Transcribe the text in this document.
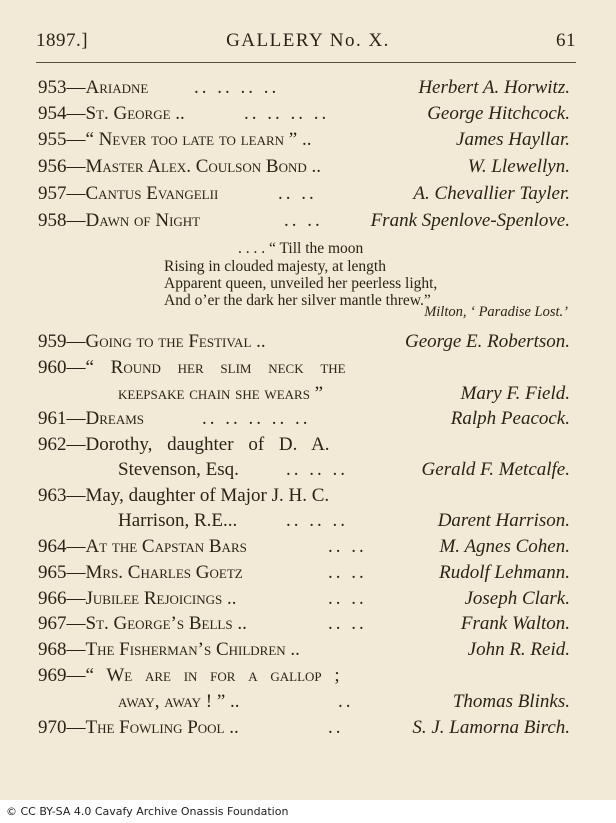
1897.]	GALLERY No. X.	61
953—Ariadne .. .. .. ..	Herbert A. Horwitz.
954—St. George ..	.. .. .. ..	George Hitchcock.
955—“ Never too late to learn ” ..	James Hayllar.
956—Master Alex. Coulson Bond ..	W. Llewellyn.
957—Cantus Evangelii	.. ..	A. Chevallier Tayler.
958—Dawn of Night	.. ..	Frank Spenlove-Spenlove.
. . . . “ Till the moon
Rising in clouded majesty, at length
Apparent queen, unveiled her peerless light,
And o’er the dark her silver mantle threw.”
Milton, ‘ Paradise Lost.’
959—Going to the Festival ..	George E. Robertson.
960—“ Round her slim neck the
keepsake chain she wears ”	Mary F. Field.
961—Dreams	.. .. .. .. ..	Ralph Peacock.
962—Dorothy, daughter of D. A.
Stevenson, Esq. .. .. ..	Gerald F. Metcalfe.
963—May, daughter of Major J. H. C.
Harrison, R.E...	.. .. ..	Darent Harrison.
964—At the Capstan Bars	.. ..	M. Agnes Cohen.
965—Mrs. Charles Goetz	.. ..	Rudolf Lehmann.
966—Jubilee Rejoicings ..	.. ..	Joseph Clark.
967—St. George’s Bells ..	.. ..	Frank Walton.
968—The Fisherman’s Children ..	John R. Reid.
969—“ We are in for a gallop ;
away, away ! ” ..	..	Thomas Blinks.
970—The Fowling Pool ..	..	S. J. Lamorna Birch.
© CC BY-SA 4.0 Cavafy Archive Onassis Foundation
